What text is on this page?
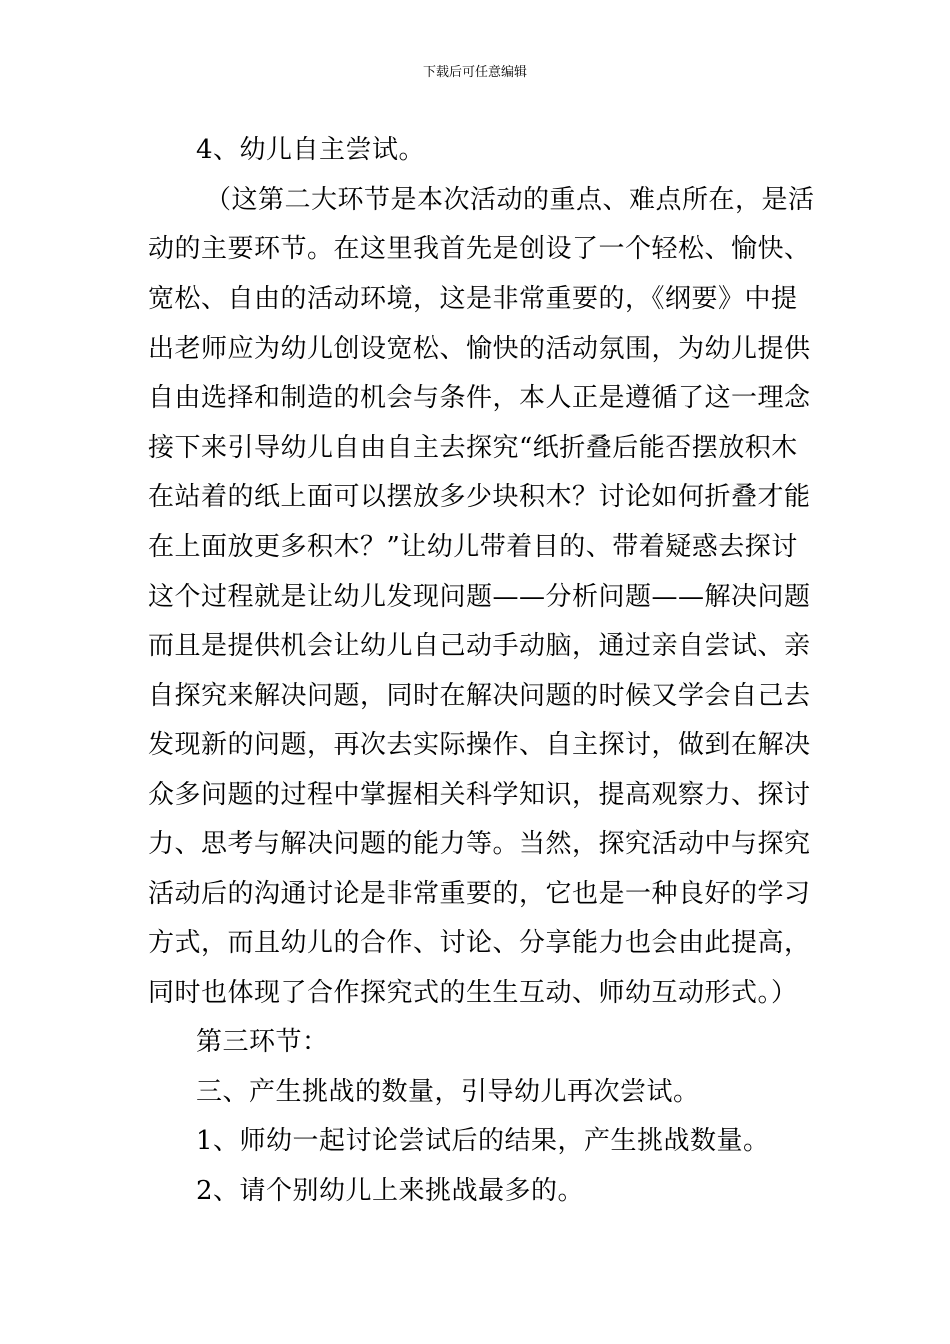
下载后可任意编辑
4、幼儿自主尝试。
（这第二大环节是本次活动的重点、难点所在，是活
动的主要环节。在这里我首先是创设了一个轻松、愉快、
宽松、自由的活动环境，这是非常重要的，《纲要》中提
出老师应为幼儿创设宽松、愉快的活动氛围，为幼儿提供
自由选择和制造的机会与条件，本人正是遵循了这一理念
接下来引导幼儿自由自主去探究“纸折叠后能否摆放积木
在站着的纸上面可以摆放多少块积木？讨论如何折叠才能
在上面放更多积木？”让幼儿带着目的、带着疑惑去探讨
这个过程就是让幼儿发现问题——分析问题——解决问题
而且是提供机会让幼儿自己动手动脑，通过亲自尝试、亲
自探究来解决问题，同时在解决问题的时候又学会自己去
发现新的问题，再次去实际操作、自主探讨，做到在解决
众多问题的过程中掌握相关科学知识，提高观察力、探讨
力、思考与解决问题的能力等。当然，探究活动中与探究
活动后的沟通讨论是非常重要的，它也是一种良好的学习
方式，而且幼儿的合作、讨论、分享能力也会由此提高，
同时也体现了合作探究式的生生互动、师幼互动形式。）
第三环节：
三、产生挑战的数量，引导幼儿再次尝试。
1、师幼一起讨论尝试后的结果，产生挑战数量。
2、请个别幼儿上来挑战最多的。
